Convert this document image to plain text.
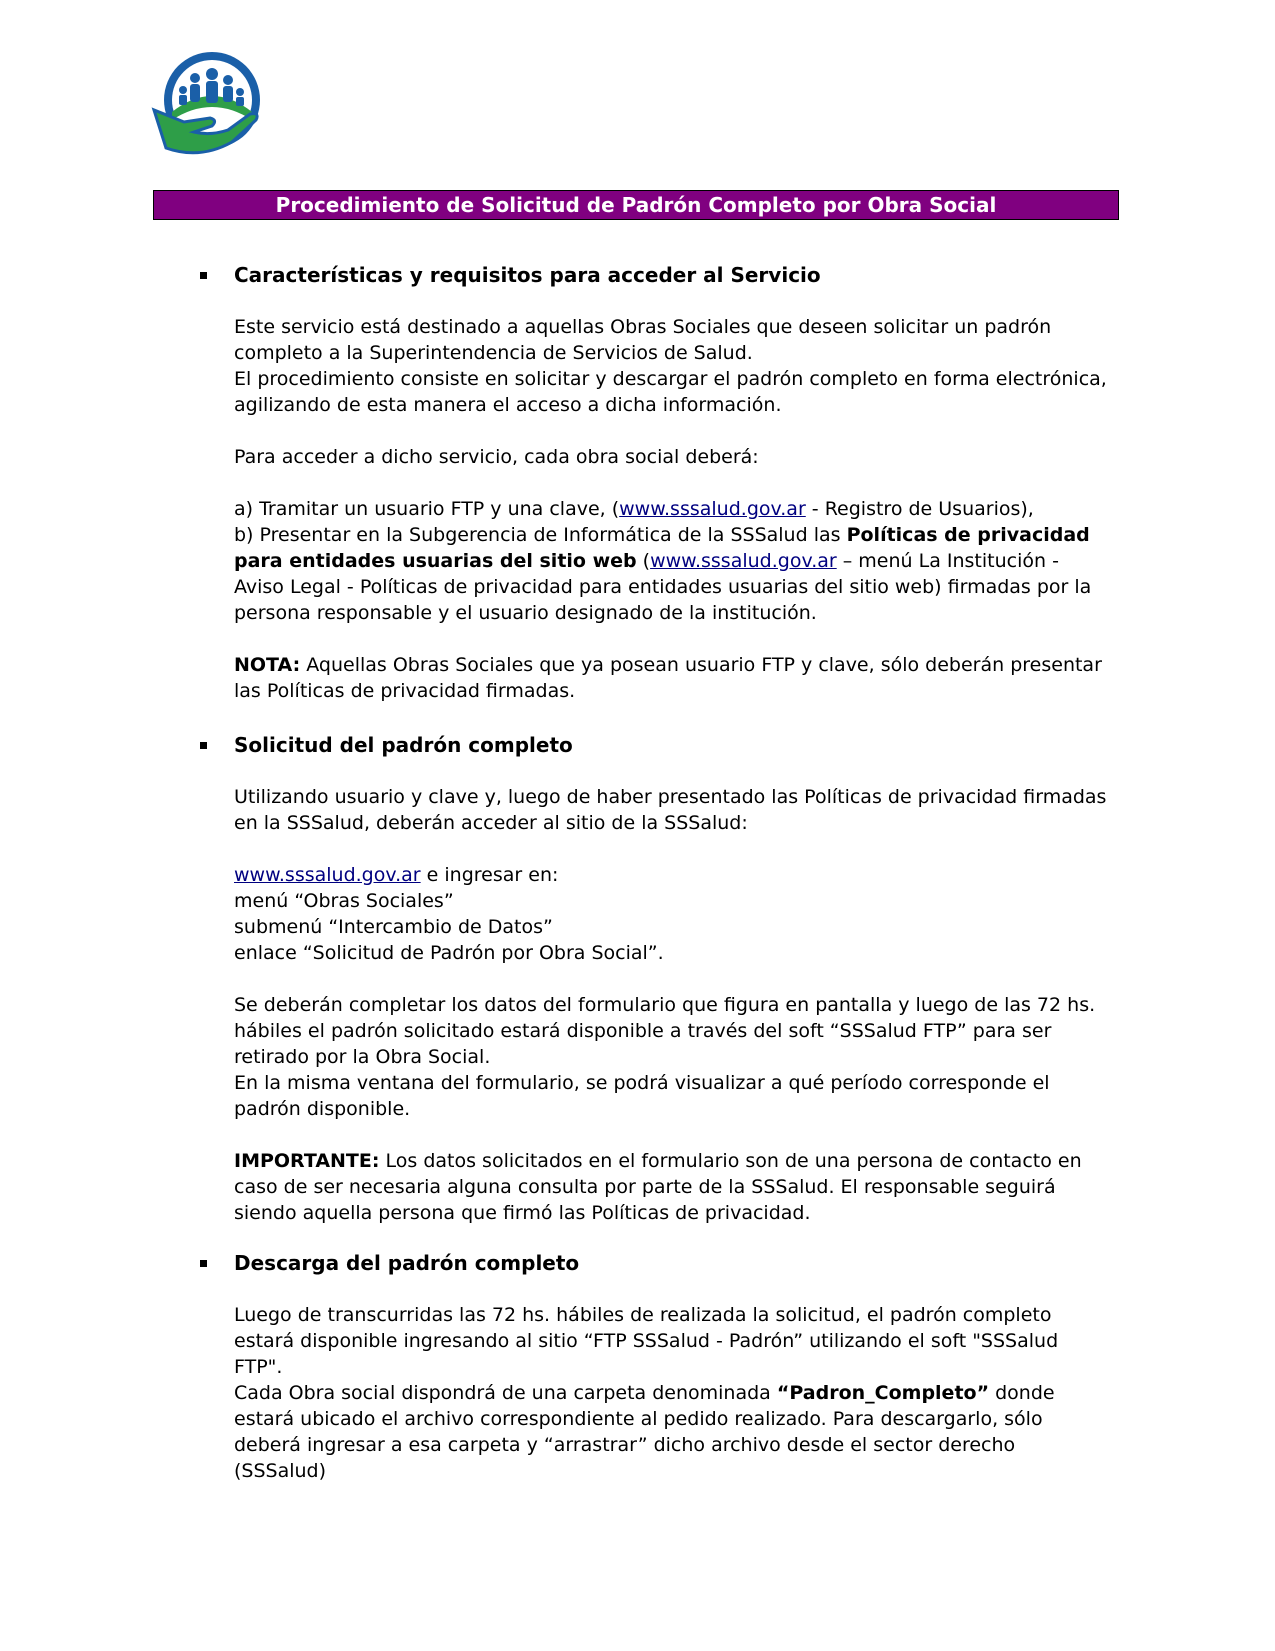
Procedimiento de Solicitud de Padrón Completo por Obra Social
Características y requisitos para acceder al Servicio

Este servicio está destinado a aquellas Obras Sociales que deseen solicitar un padrón completo a la Superintendencia de Servicios de Salud.

El procedimiento consiste en solicitar y descargar el padrón completo en forma electrónica, agilizando de esta manera el acceso a dicha información.

Para acceder a dicho servicio, cada obra social deberá:

a) Tramitar un usuario FTP y una clave, (www.sssalud.gov.ar - Registro de Usuarios),

b) Presentar en la Subgerencia de Informática de la SSSalud las Políticas de privacidad para entidades usuarias del sitio web (www.sssalud.gov.ar – menú La Institución - Aviso Legal - Políticas de privacidad para entidades usuarias del sitio web) firmadas por la persona responsable y el usuario designado de la institución.

NOTA: Aquellas Obras Sociales que ya posean usuario FTP y clave, sólo deberán presentar las Políticas de privacidad firmadas.

Solicitud del padrón completo

Utilizando usuario y clave y, luego de haber presentado las Políticas de privacidad firmadas en la SSSalud, deberán acceder al sitio de la SSSalud:

www.sssalud.gov.ar e ingresar en:

menú “Obras Sociales”

submenú “Intercambio de Datos”

enlace “Solicitud de Padrón por Obra Social”.

Se deberán completar los datos del formulario que figura en pantalla y luego de las 72 hs. hábiles el padrón solicitado estará disponible a través del soft “SSSalud FTP” para ser retirado por la Obra Social.

En la misma ventana del formulario, se podrá visualizar a qué período corresponde el padrón disponible.

IMPORTANTE: Los datos solicitados en el formulario son de una persona de contacto en caso de ser necesaria alguna consulta por parte de la SSSalud. El responsable seguirá siendo aquella persona que firmó las Políticas de privacidad.

Descarga del padrón completo

Luego de transcurridas las 72 hs. hábiles de realizada la solicitud, el padrón completo estará disponible ingresando al sitio “FTP SSSalud - Padrón” utilizando el soft "SSSalud FTP".

Cada Obra social dispondrá de una carpeta denominada “Padron_Completo” donde estará ubicado el archivo correspondiente al pedido realizado. Para descargarlo, sólo deberá ingresar a esa carpeta y “arrastrar” dicho archivo desde el sector derecho (SSSalud)
